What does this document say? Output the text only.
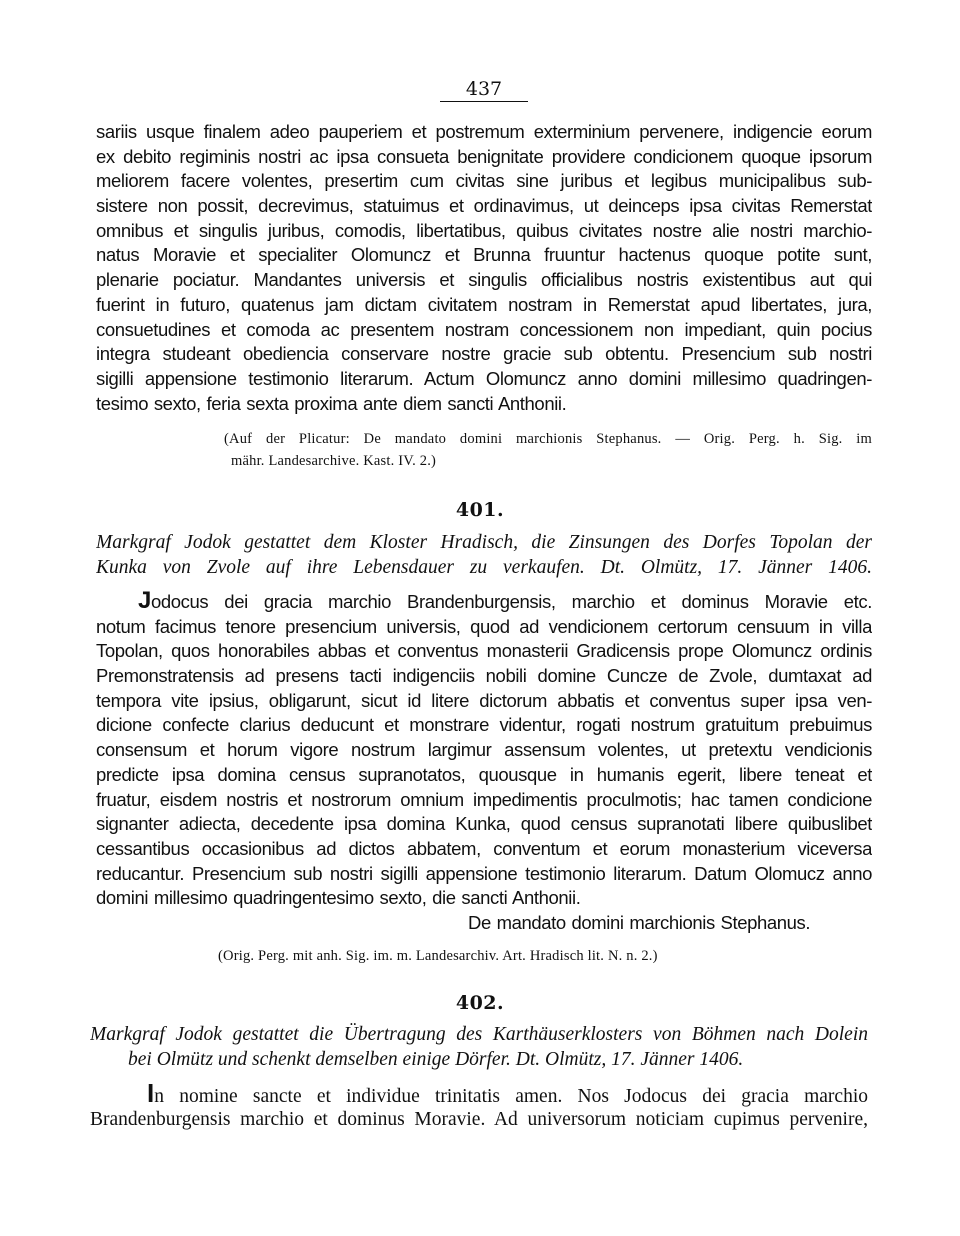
437
sariis usque finalem adeo pauperiem et postremum exterminium pervenere, indigencie eorum
ex debito regiminis nostri ac ipsa consueta benignitate providere condicionem quoque ipsorum
meliorem facere volentes, presertim cum civitas sine juribus et legibus municipalibus sub-
sistere non possit, decrevimus, statuimus et ordinavimus, ut deinceps ipsa civitas Remerstat
omnibus et singulis juribus, comodis, libertatibus, quibus civitates nostre alie nostri marchio-
natus Moravie et specialiter Olomuncz et Brunna fruuntur hactenus quoque potite sunt,
plenarie pociatur. Mandantes universis et singulis officialibus nostris existentibus aut qui
fuerint in futuro, quatenus jam dictam civitatem nostram in Remerstat apud libertates, jura,
consuetudines et comoda ac presentem nostram concessionem non impediant, quin pocius
integra studeant obediencia conservare nostre gracie sub obtentu. Presencium sub nostri
sigilli appensione testimonio literarum. Actum Olomuncz anno domini millesimo quadringen-
tesimo sexto, feria sexta proxima ante diem sancti Anthonii.
(Auf der Plicatur: De mandato domini marchionis Stephanus. — Orig. Perg. h. Sig. im
mähr. Landesarchive. Kast. IV. 2.)
401.
Markgraf Jodok gestattet dem Kloster Hradisch, die Zinsungen des Dorfes Topolan der
Kunka von Zvole auf ihre Lebensdauer zu verkaufen. Dt. Olmütz, 17. Jänner 1406.
Jodocus dei gracia marchio Brandenburgensis, marchio et dominus Moravie etc.
notum facimus tenore presencium universis, quod ad vendicionem certorum censuum in villa
Topolan, quos honorabiles abbas et conventus monasterii Gradicensis prope Olomuncz ordinis
Premonstratensis ad presens tacti indigenciis nobili domine Cuncze de Zvole, dumtaxat ad
tempora vite ipsius, obligarunt, sicut id litere dictorum abbatis et conventus super ipsa ven-
dicione confecte clarius deducunt et monstrare videntur, rogati nostrum gratuitum prebuimus
consensum et horum vigore nostrum largimur assensum volentes, ut pretextu vendicionis
predicte ipsa domina census supranotatos, quousque in humanis egerit, libere teneat et
fruatur, eisdem nostris et nostrorum omnium impedimentis proculmotis; hac tamen condicione
signanter adiecta, decedente ipsa domina Kunka, quod census supranotati libere quibuslibet
cessantibus occasionibus ad dictos abbatem, conventum et eorum monasterium viceversa
reducantur. Presencium sub nostri sigilli appensione testimonio literarum. Datum Olomucz anno
domini millesimo quadringentesimo sexto, die sancti Anthonii.
De mandato domini marchionis Stephanus.
(Orig. Perg. mit anh. Sig. im. m. Landesarchiv. Art. Hradisch lit. N. n. 2.)
402.
Markgraf Jodok gestattet die Übertragung des Karthäuserklosters von Böhmen nach Dolein
bei Olmütz und schenkt demselben einige Dörfer. Dt. Olmütz, 17. Jänner 1406.
In nomine sancte et individue trinitatis amen. Nos Jodocus dei gracia marchio
Brandenburgensis marchio et dominus Moravie. Ad universorum noticiam cupimus pervenire,
